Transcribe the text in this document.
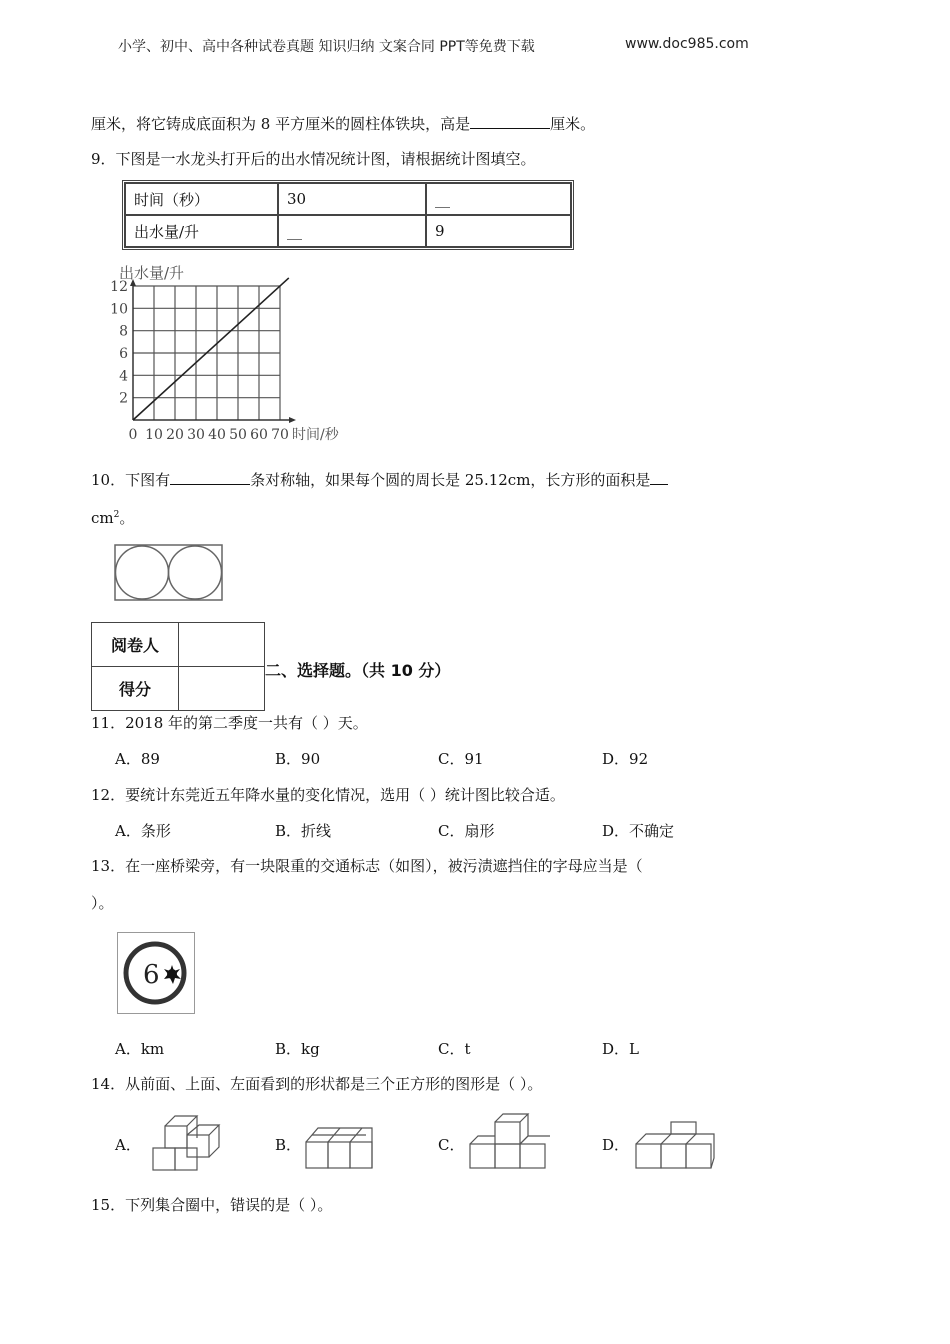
小学、初中、高中各种试卷真题 知识归纳 文案合同 PPT等免费下载	www.doc985.com
厘米，将它铸成底面积为 8 平方厘米的圆柱体铁块，高是	厘米。
9．下图是一水龙头打开后的出水情况统计图，请根据统计图填空。
时间（秒）	30	__
出水量/升	__	9
0 10 20 30 40 50 60 70
2
4
6
8
10
12
出水量/升
时间/秒
10．下图有	条对称轴，如果每个圆的周长是 25.12cm，长方形的面积是
$cm^2$。
阅卷人	
得分	
二、选择题。（共 10 分）
11．2018 年的第二季度一共有（ ）天。
A．89	B．90	C．91	D．92
12．要统计东莞近五年降水量的变化情况，选用（ ）统计图比较合适。
A．条形	B．折线	C．扇形	D．不确定
13．在一座桥梁旁，有一块限重的交通标志（如图），被污渍遮挡住的字母应当是（
）。
6
A．km	B．kg	C．t	D．L
14．从前面、上面、左面看到的形状都是三个正方形的图形是（ ）。
A．	B．	C．	D．
15．下列集合圈中，错误的是（ ）。
